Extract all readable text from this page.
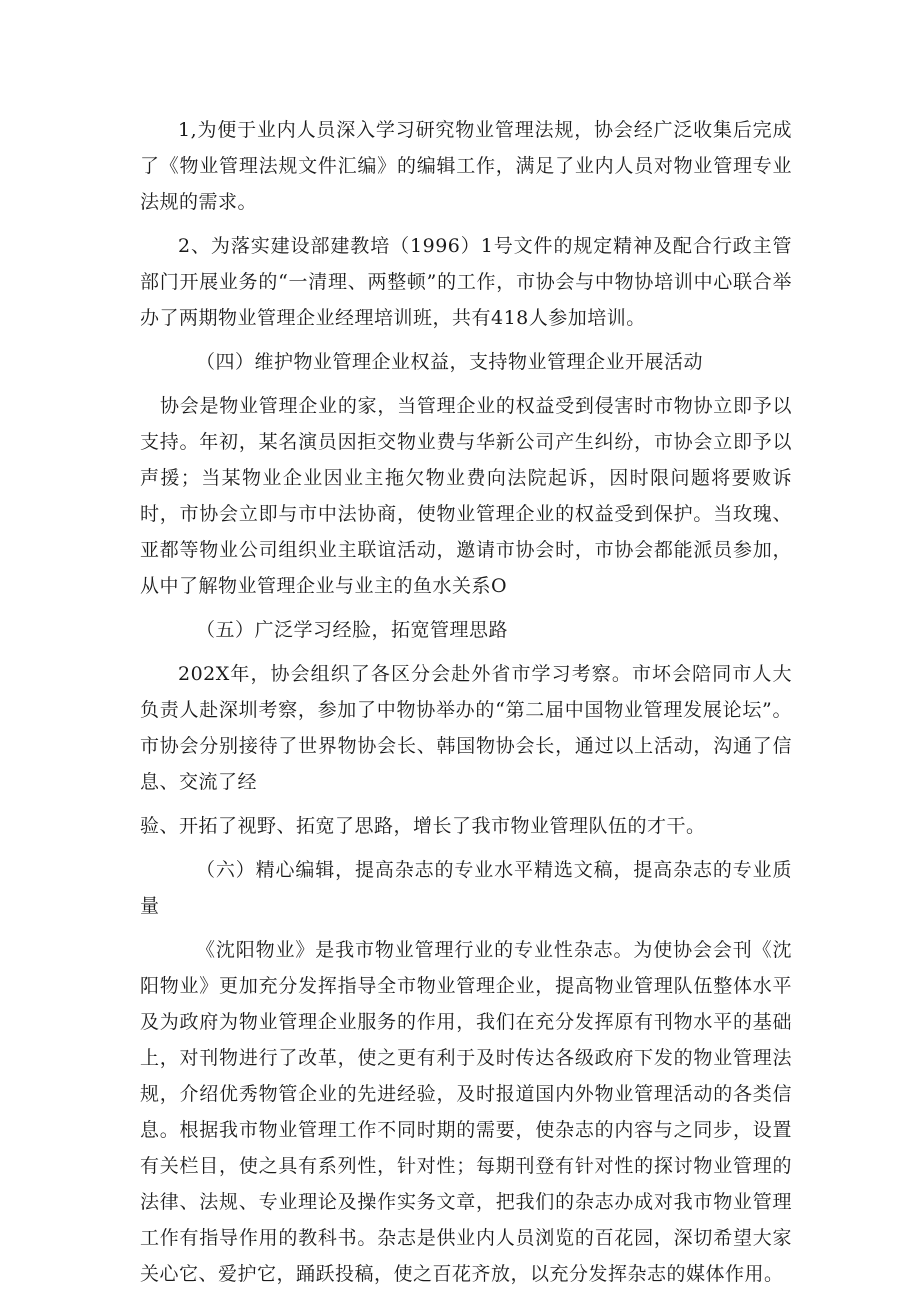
1,为便于业内人员深入学习研究物业管理法规，协会经广泛收集后完成了《物业管理法规文件汇编》的编辑工作，满足了业内人员对物业管理专业法规的需求。

2、为落实建设部建教培（1996）1号文件的规定精神及配合行政主管部门开展业务的“一清理、两整顿”的工作，市协会与中物协培训中心联合举办了两期物业管理企业经理培训班，共有418人参加培训。

（四）维护物业管理企业权益，支持物业管理企业开展活动

协会是物业管理企业的家，当管理企业的权益受到侵害时市物协立即予以支持。年初，某名演员因拒交物业费与华新公司产生纠纷，市协会立即予以声援；当某物业企业因业主拖欠物业费向法院起诉，因时限问题将要败诉时，市协会立即与市中法协商，使物业管理企业的权益受到保护。当玫瑰、亚都等物业公司组织业主联谊活动，邀请市协会时，市协会都能派员参加，从中了解物业管理企业与业主的鱼水关系O

（五）广泛学习经脸，拓宽管理思路

202X年，协会组织了各区分会赴外省市学习考察。市坏会陪同市人大负责人赴深圳考察，参加了中物协举办的“第二届中国物业管理发展论坛”。市协会分别接待了世界物协会长、韩国物协会长，通过以上活动，沟通了信息、交流了经

验、开拓了视野、拓宽了思路，增长了我市物业管理队伍的才干。

（六）精心编辑，提高杂志的专业水平精选文稿，提高杂志的专业质量

《沈阳物业》是我市物业管理行业的专业性杂志。为使协会会刊《沈阳物业》更加充分发挥指导全市物业管理企业，提高物业管理队伍整体水平及为政府为物业管理企业服务的作用，我们在充分发挥原有刊物水平的基础上，对刊物进行了改革，使之更有利于及时传达各级政府下发的物业管理法规，介绍优秀物管企业的先进经验，及时报道国内外物业管理活动的各类信息。根据我市物业管理工作不同时期的需要，使杂志的内容与之同步，设置有关栏目，使之具有系列性，针对性；每期刊登有针对性的探讨物业管理的法律、法规、专业理论及操作实务文章，把我们的杂志办成对我市物业管理工作有指导作用的教科书。杂志是供业内人员浏览的百花园，深切希望大家关心它、爱护它，踊跃投稿，使之百花齐放，以充分发挥杂志的媒体作用。
